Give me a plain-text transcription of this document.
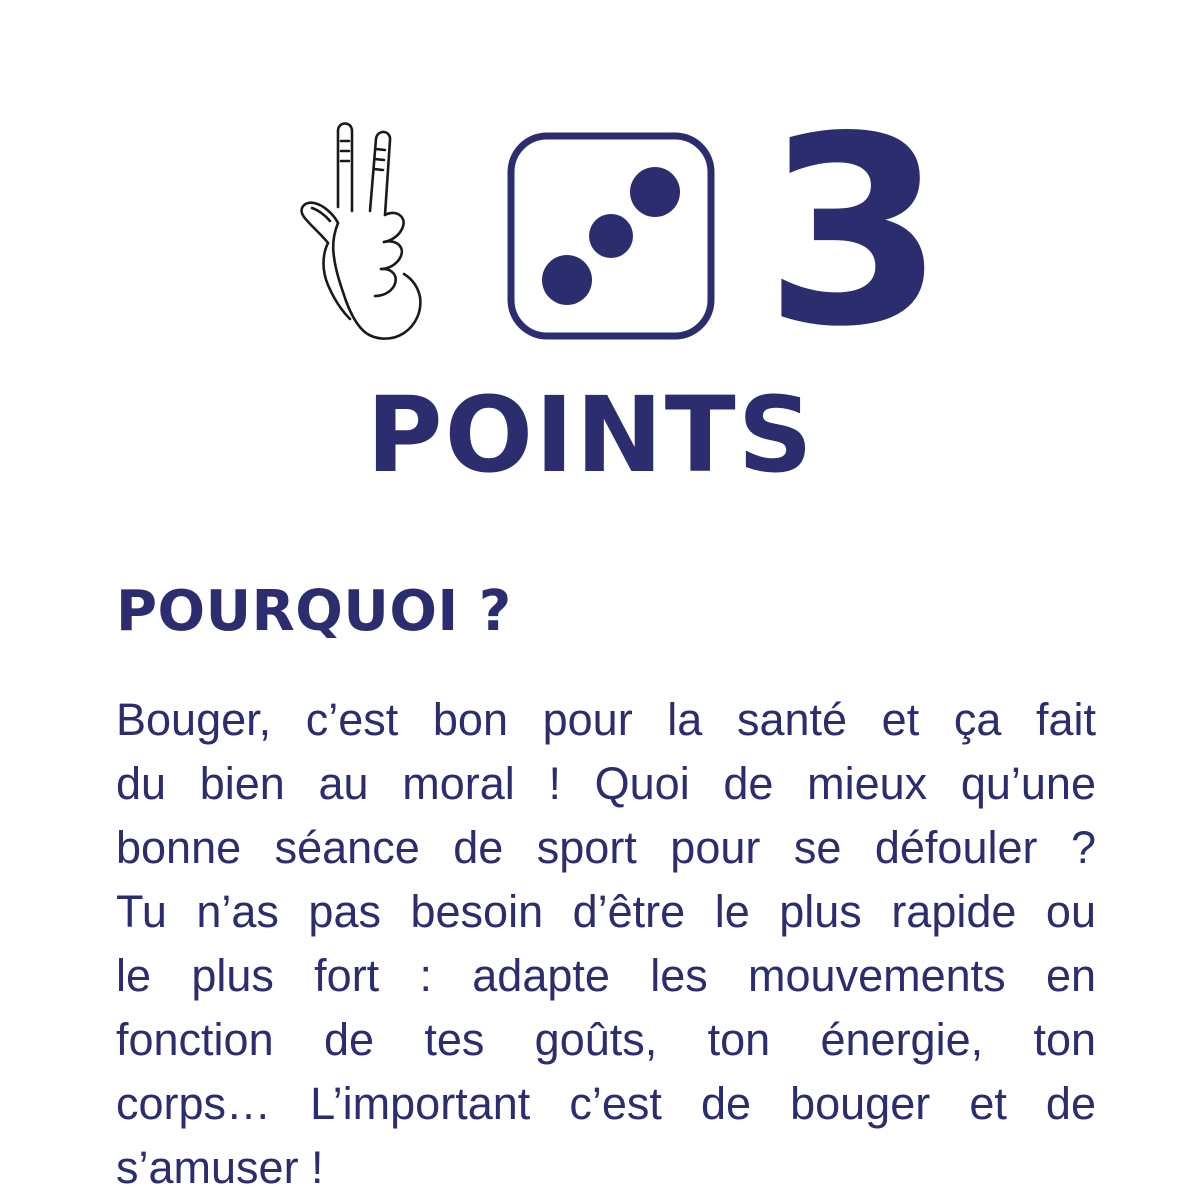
3
POINTS
POURQUOI ?

Bouger, c’est bon pour la santé et ça fait
du bien au moral ! Quoi de mieux qu’une
bonne séance de sport pour se défouler ?
Tu n’as pas besoin d’être le plus rapide ou
le plus fort : adapte les mouvements en
fonction de tes goûts, ton énergie, ton
corps… L’important c’est de bouger et de
s’amuser !
